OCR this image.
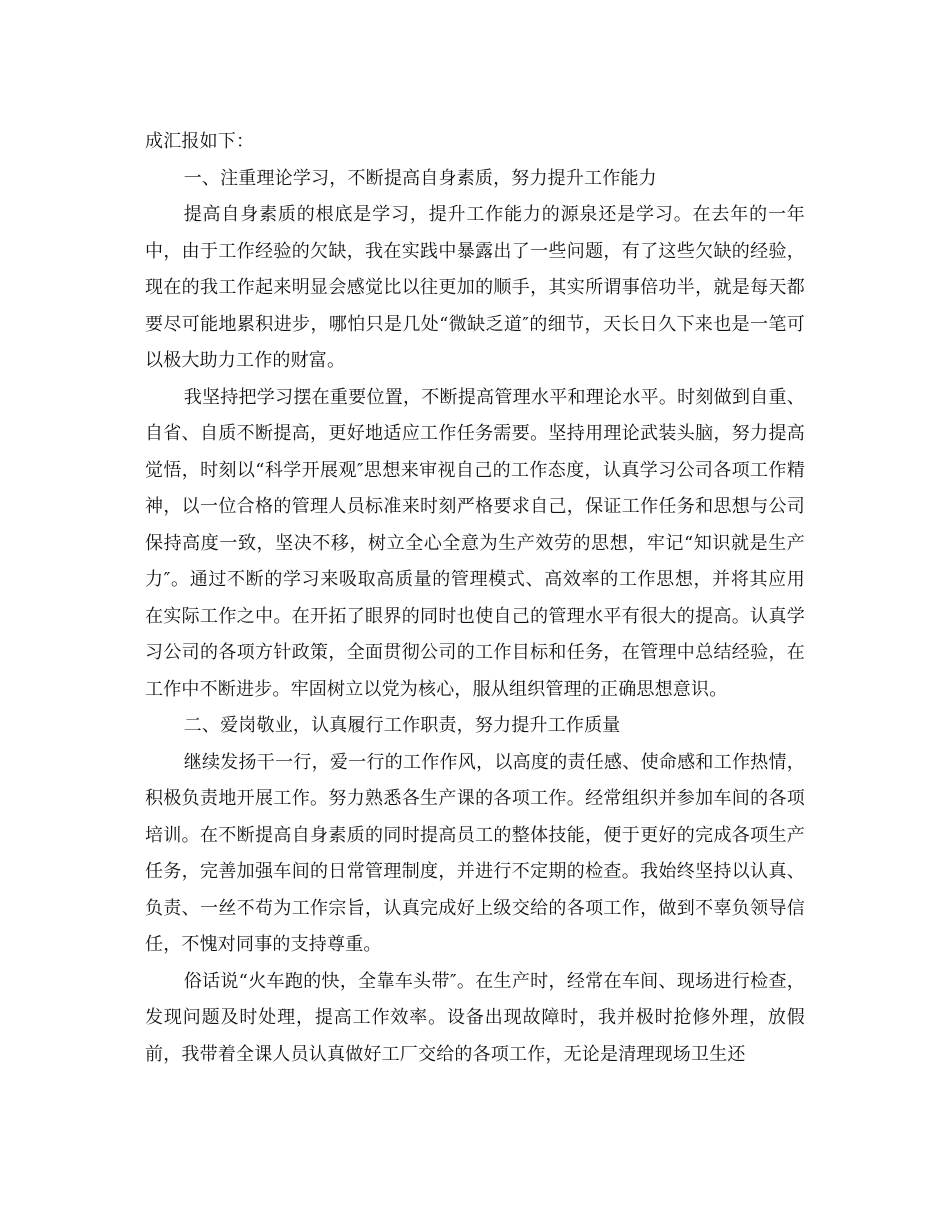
成汇报如下：

一、注重理论学习，不断提高自身素质，努力提升工作能力

提高自身素质的根底是学习，提升工作能力的源泉还是学习。在去年的一年中，由于工作经验的欠缺，我在实践中暴露出了一些问题，有了这些欠缺的经验，现在的我工作起来明显会感觉比以往更加的顺手，其实所谓事倍功半，就是每天都要尽可能地累积进步，哪怕只是几处“微缺乏道″的细节，天长日久下来也是一笔可以极大助力工作的财富。

我坚持把学习摆在重要位置，不断提高管理水平和理论水平。时刻做到自重、自省、自质不断提高，更好地适应工作任务需要。坚持用理论武装头脑，努力提高觉悟，时刻以“科学开展观″思想来审视自己的工作态度，认真学习公司各项工作精神，以一位合格的管理人员标准来时刻严格要求自己，保证工作任务和思想与公司保持高度一致，坚决不移，树立全心全意为生产效劳的思想，牢记“知识就是生产力″。通过不断的学习来吸取高质量的管理模式、高效率的工作思想，并将其应用在实际工作之中。在开拓了眼界的同时也使自己的管理水平有很大的提高。认真学习公司的各项方针政策，全面贯彻公司的工作目标和任务，在管理中总结经验，在工作中不断进步。牢固树立以党为核心，服从组织管理的正确思想意识。

二、爱岗敬业，认真履行工作职责，努力提升工作质量

继续发扬干一行，爱一行的工作作风，以高度的责任感、使命感和工作热情，积极负责地开展工作。努力熟悉各生产课的各项工作。经常组织并参加车间的各项培训。在不断提高自身素质的同时提高员工的整体技能，便于更好的完成各项生产任务，完善加强车间的日常管理制度，并进行不定期的检查。我始终坚持以认真、负责、一丝不苟为工作宗旨，认真完成好上级交给的各项工作，做到不辜负领导信任，不愧对同事的支持尊重。

俗话说“火车跑的快，全靠车头带″。在生产时，经常在车间、现场进行检查，发现问题及时处理，提高工作效率。设备出现故障时，我并极时抢修外理，放假前，我带着全课人员认真做好工厂交给的各项工作，无论是清理现场卫生还
